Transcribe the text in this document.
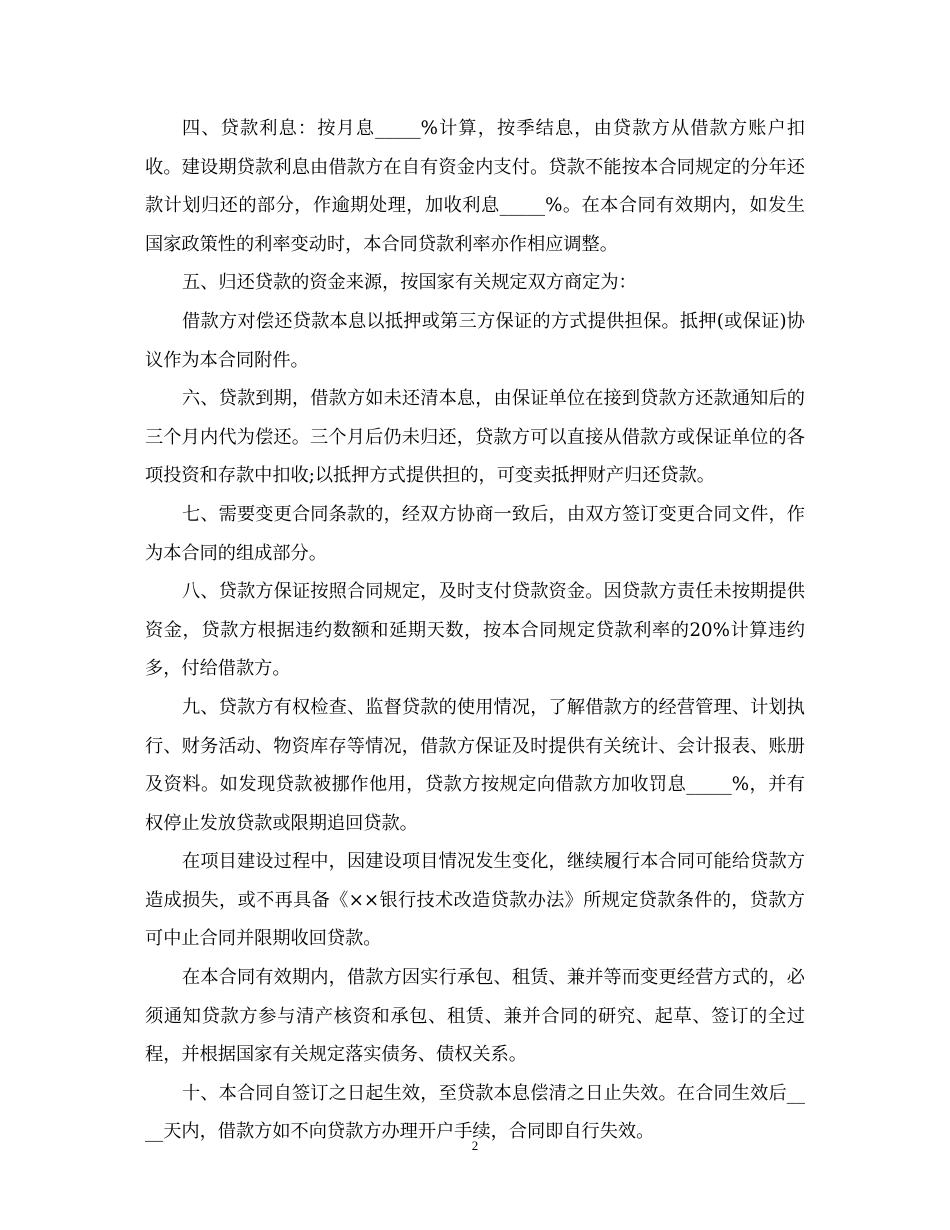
四、贷款利息：按月息_____%计算，按季结息，由贷款方从借款方账户扣收。建设期贷款利息由借款方在自有资金内支付。贷款不能按本合同规定的分年还款计划归还的部分，作逾期处理，加收利息_____%。在本合同有效期内，如发生国家政策性的利率变动时，本合同贷款利率亦作相应调整。

五、归还贷款的资金来源，按国家有关规定双方商定为：

借款方对偿还贷款本息以抵押或第三方保证的方式提供担保。抵押(或保证)协议作为本合同附件。

六、贷款到期，借款方如未还清本息，由保证单位在接到贷款方还款通知后的三个月内代为偿还。三个月后仍未归还，贷款方可以直接从借款方或保证单位的各项投资和存款中扣收;以抵押方式提供担的，可变卖抵押财产归还贷款。

七、需要变更合同条款的，经双方协商一致后，由双方签订变更合同文件，作为本合同的组成部分。

八、贷款方保证按照合同规定，及时支付贷款资金。因贷款方责任未按期提供资金，贷款方根据违约数额和延期天数，按本合同规定贷款利率的20%计算违约多，付给借款方。

九、贷款方有权检查、监督贷款的使用情况，了解借款方的经营管理、计划执行、财务活动、物资库存等情况，借款方保证及时提供有关统计、会计报表、账册及资料。如发现贷款被挪作他用，贷款方按规定向借款方加收罚息_____%，并有权停止发放贷款或限期追回贷款。

在项目建设过程中，因建设项目情况发生变化，继续履行本合同可能给贷款方造成损失，或不再具备《××银行技术改造贷款办法》所规定贷款条件的，贷款方可中止合同并限期收回贷款。

在本合同有效期内，借款方因实行承包、租赁、兼并等而变更经营方式的，必须通知贷款方参与清产核资和承包、租赁、兼并合同的研究、起草、签订的全过程，并根据国家有关规定落实债务、债权关系。

十、本合同自签订之日起生效，至贷款本息偿清之日止失效。在合同生效后____天内，借款方如不向贷款方办理开户手续，合同即自行失效。

2
